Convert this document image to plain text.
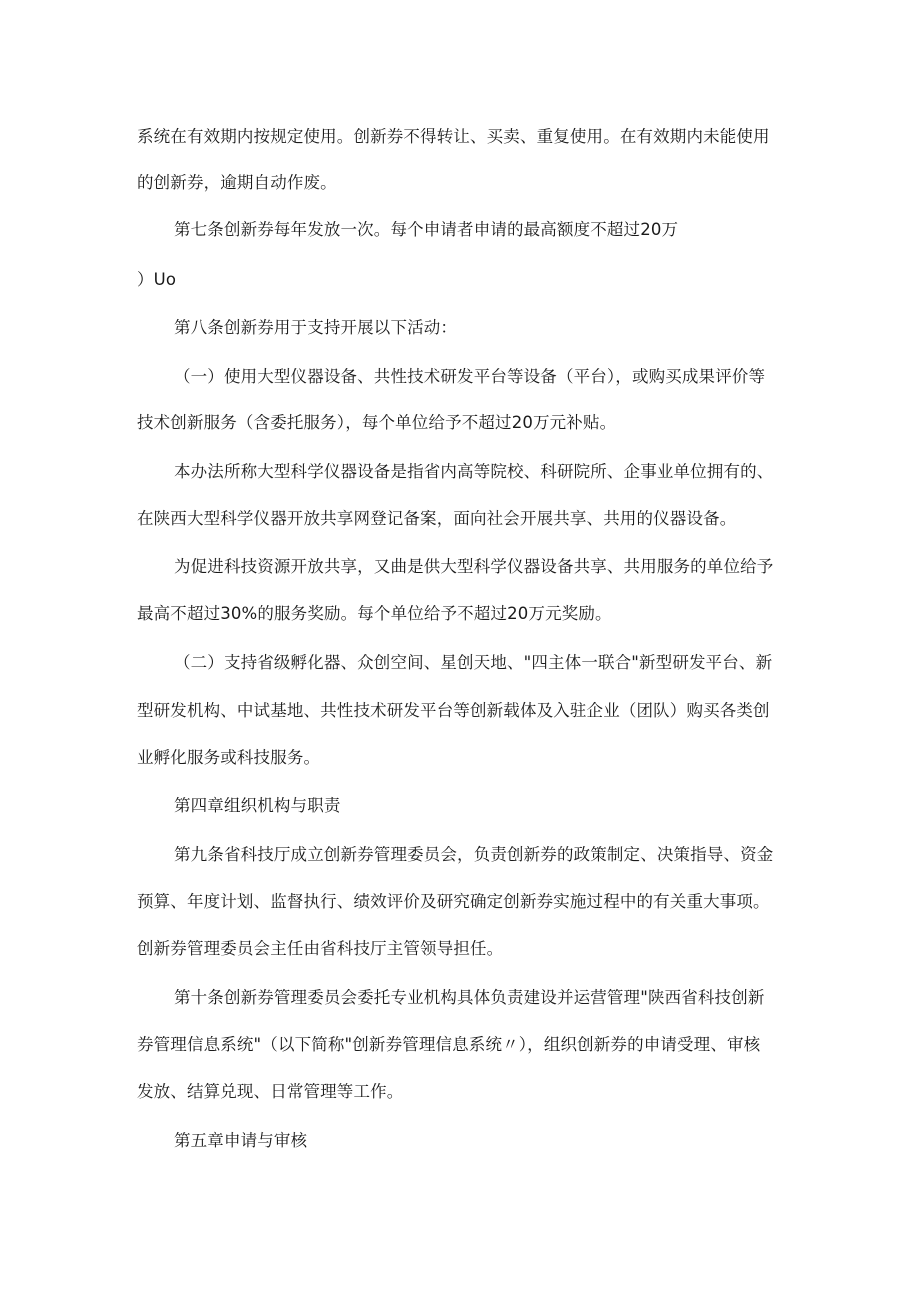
系统在有效期内按规定使用。创新券不得转让、买卖、重复使用。在有效期内未能使用

的创新券，逾期自动作废。

第七条创新券每年发放一次。每个申请者申请的最高额度不超过20万

）Uo

第八条创新券用于支持开展以下活动：

（一）使用大型仪器设备、共性技术研发平台等设备（平台），或购买成果评价等

技术创新服务（含委托服务），每个单位给予不超过20万元补贴。

本办法所称大型科学仪器设备是指省内高等院校、科研院所、企事业单位拥有的、

在陕西大型科学仪器开放共享网登记备案，面向社会开展共享、共用的仪器设备。

为促进科技资源开放共享，又曲是供大型科学仪器设备共享、共用服务的单位给予

最高不超过30%的服务奖励。每个单位给予不超过20万元奖励。

（二）支持省级孵化器、众创空间、星创天地、"四主体一联合"新型研发平台、新

型研发机构、中试基地、共性技术研发平台等创新载体及入驻企业（团队）购买各类创

业孵化服务或科技服务。

第四章组织机构与职责

第九条省科技厅成立创新券管理委员会，负责创新券的政策制定、决策指导、资金

预算、年度计划、监督执行、绩效评价及研究确定创新券实施过程中的有关重大事项。

创新券管理委员会主任由省科技厅主管领导担任。

第十条创新券管理委员会委托专业机构具体负责建设并运营管理"陕西省科技创新

券管理信息系统"（以下简称"创新券管理信息系统〃），组织创新券的申请受理、审核

发放、结算兑现、日常管理等工作。

第五章申请与审核
